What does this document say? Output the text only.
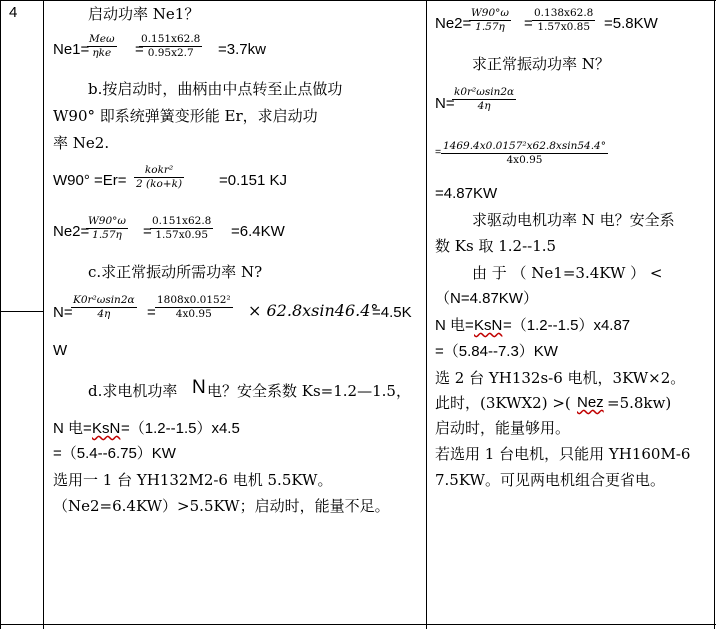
4	启动功率 Ne1？
Ne1=
Meω
ηke	=
$\frac{0.151x62.8}{0.95x2.7} =3.7kw$
b.按启动时，曲柄由中点转至止点做功
W90° 即系统弹簧变形能 Er，求启动功
率 Ne2.
W90° =Er=
kokr²
2 (ko+k) =0.151 KJ
Ne2=
$\frac{W90^\circ\omega}{1.57\eta}$ =
$\frac{0.151x62.8}{1.57x0.95} =6.4KW$
c.求正常振动所需功率 N?
N=
$\frac{\text{K0r²ωsin2α}}{4\eta} = \frac{\text{1808x0.0152²}}{4x0.95} \times 62.8xsin46.4^\circ$
=4.5K
W
d.求电机功率 N 电？安全系数 Ks=1.2—1.5，
N 电= KsN =（1.2--1.5）x4.5
=（5.4--6.75）KW
选用一 1 台 YH132M2-6 电机 5.5KW。
（Ne2=6.4KW）>5.5KW；启动时，能量不足。
Ne2=
$\frac{W90^\circ\omega}{1.57\eta} = \frac{0.138x62.8}{1.57x0.85} =5.8KW$
求正常振动功率 N？
N=
$\frac{\text{k0r²ωsin2α}}{4\eta}$
= $\frac{\text{1469.4x0.0157²x62.8xsin54.4°}}{4x0.95}$
=4.87KW
求驱动电机功率 N 电？安全系
数 Ks 取 1.2--1.5
由 于 （ Ne1=3.4KW ） <
（N=4.87KW）
N 电= KsN =（1.2--1.5）x4.87
=（5.84--7.3）KW
选 2 台 YH132s-6 电机，3KW×2。
此时，(3KWX2) >( Nez =5.8kw)
启动时，能量够用。
若选用 1 台电机，只能用 YH160M-6
7.5KW。可见两电机组合更省电。
